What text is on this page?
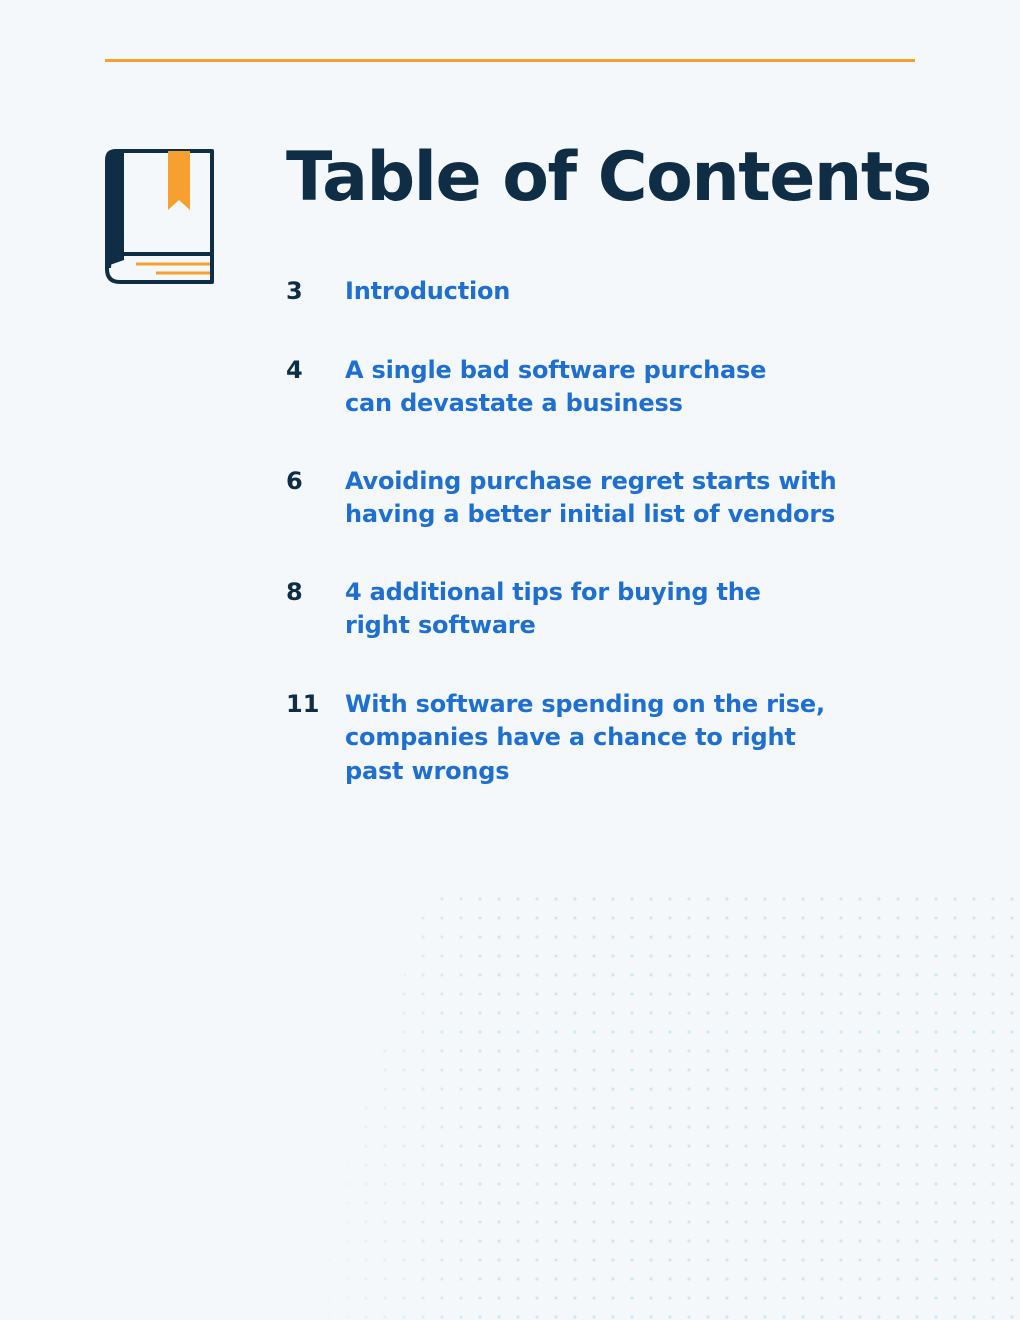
Table of Contents
3	Introduction
4	A single bad software purchase
can devastate a business
6	Avoiding purchase regret starts with
having a better initial list of vendors
8	4 additional tips for buying the
right software
11	With software spending on the rise,
companies have a chance to right
past wrongs
